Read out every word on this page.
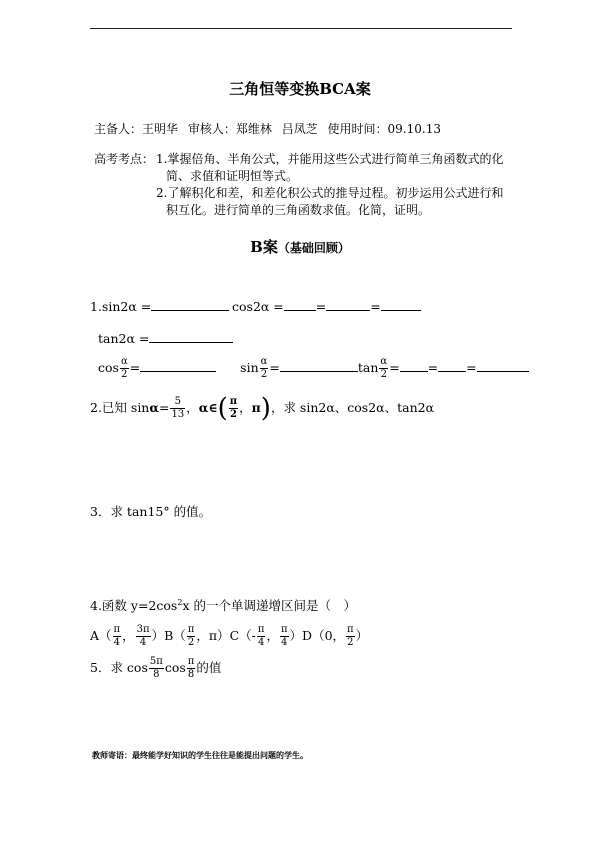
三角恒等变换BCA案
主备人：王明华 审核人：郑维林 吕凤芝 使用时间：09.10.13
高考考点： 1.掌握倍角、半角公式，并能用这些公式进行简单三角函数式的化
简、求值和证明恒等式。
2.了解积化和差，和差化积公式的推导过程。初步运用公式进行和
积互化。进行简单的三角函数求值。化简，证明。
B案（基础回顾）
1.sin2α =	cos2α =	=	=
tan2α =
$\cos \frac{\alpha}{2}$ =	$\sin \frac{\alpha}{2}$ =	$\tan \frac{\alpha}{2}$ = = =
2.已知 $\sin\alpha= \frac{5}{13}$ ，α∈( $\frac{\pi}{2}$ ，π)，求 sin2α、cos2α、tan2α
3．求 tan15° 的值。
4.函数 $y=2\cos^2x$ 的一个单调递增区间是（　）
$A( \frac{\pi}{4}$ ， $\frac{3\pi}{4} )B( \frac{\pi}{2}$ ，$\pi)C(- \frac{\pi}{4}$ ， $\frac{\pi}{4} )D(0$， $\frac{\pi}{2}$ ）
5．求 $\cos \frac{5\pi}{8}$ $\cos \frac{\pi}{8}$ 的值
教师寄语：最终能学好知识的学生往往是能提出问题的学生。
